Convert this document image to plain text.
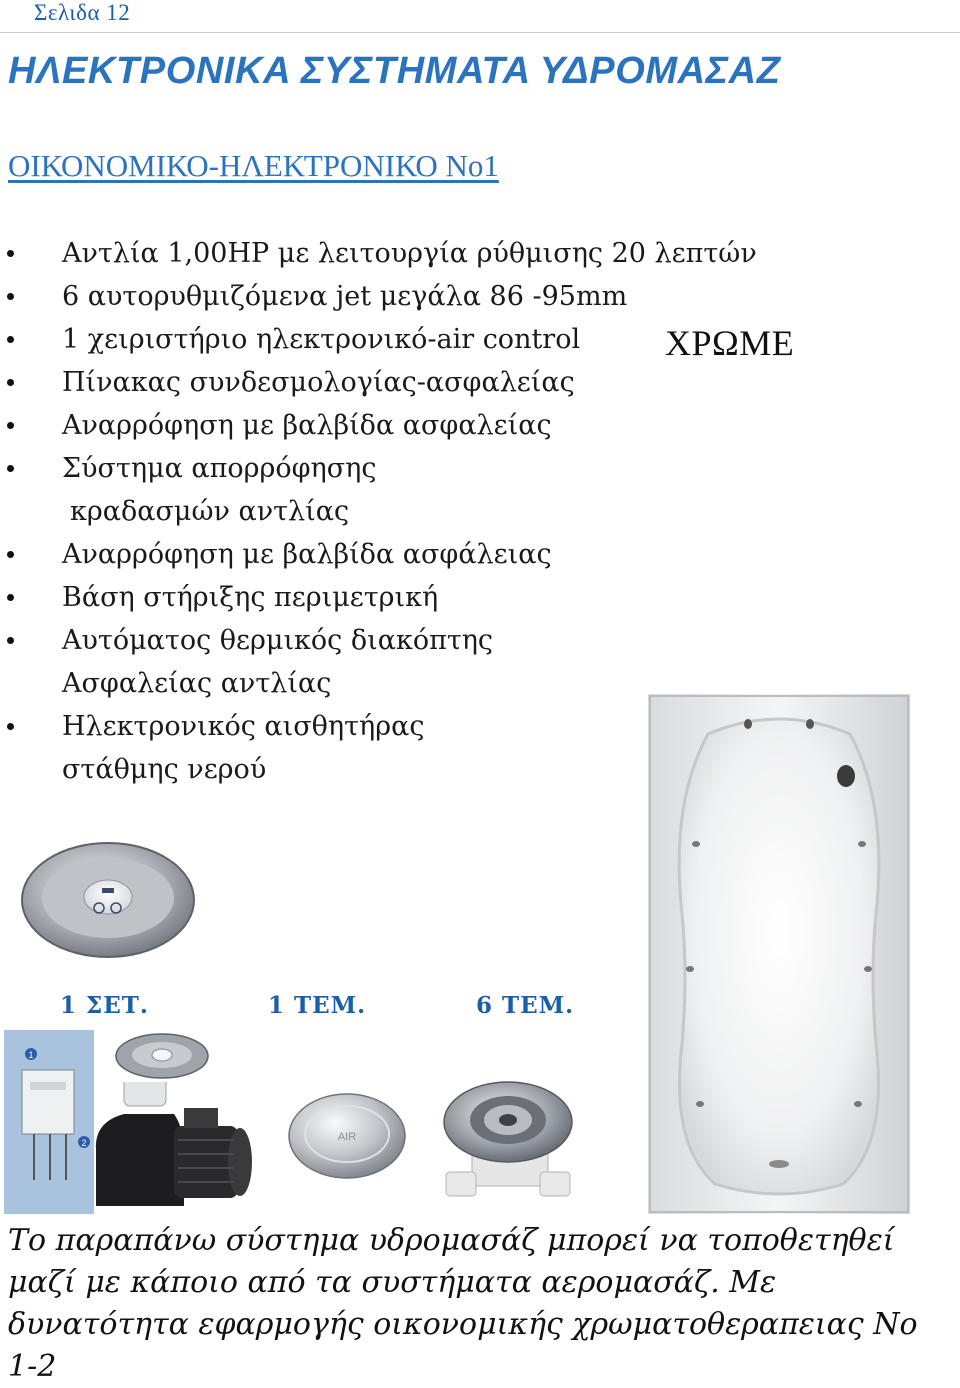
Σελιδα 12
ΗΛΕΚΤΡΟΝΙΚΑ ΣΥΣΤΗΜΑΤΑ ΥΔΡΟΜΑΣΑΖ
ΟΙΚΟΝΟΜΙΚΟ-ΗΛΕΚΤΡΟΝΙΚΟ Νο1
Αντλία 1,00HP με λειτουργία ρύθμισης 20 λεπτών
6 αυτορυθμιζόμενα jet μεγάλα 86 -95mm
1 χειριστήριο ηλεκτρονικό-air control
Πίνακας συνδεσμολογίας-ασφαλείας
Αναρρόφηση με βαλβίδα ασφαλείας
Σύστημα απορρόφησης
κραδασμών αντλίας
Αναρρόφηση με βαλβίδα ασφάλειας
Βάση στήριξης περιμετρική
Αυτόματος θερμικός διακόπτης
Ασφαλείας αντλίας
Ηλεκτρονικός αισθητήρας
στάθμης νερού
ΧΡΩΜΕ
1 ΣΕΤ.	1 ΤΕΜ.	6 ΤΕΜ.
1
2	AIR
Το παραπάνω σύστημα υδρομασάζ μπορεί να τοποθετηθεί μαζί με κάποιο από τα συστήματα αερομασάζ. Με δυνατότητα εφαρμογής οικονομικής χρωματοθεραπειας Νο 1-2
